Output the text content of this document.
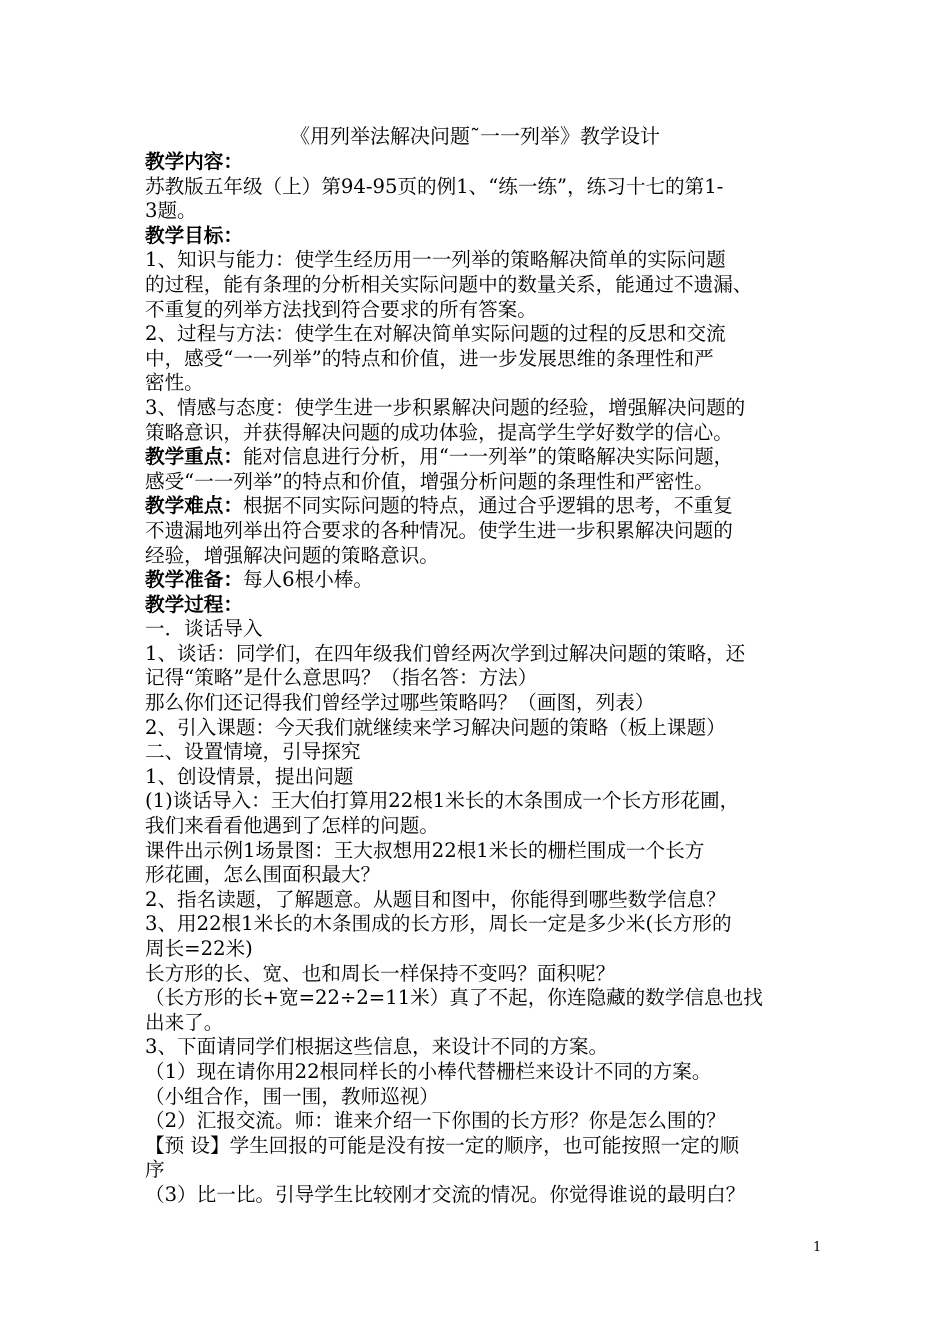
《用列举法解决问题˜一一列举》教学设计

教学内容：

苏教版五年级（上）第94-95页的例1、“练一练”，练习十七的第1-

3题。

教学目标：

1、知识与能力：使学生经历用一一列举的策略解决简单的实际问题

的过程，能有条理的分析相关实际问题中的数量关系，能通过不遗漏、

不重复的列举方法找到符合要求的所有答案。

2、过程与方法：使学生在对解决简单实际问题的过程的反思和交流

中，感受“一一列举”的特点和价值，进一步发展思维的条理性和严

密性。

3、情感与态度：使学生进一步积累解决问题的经验，增强解决问题的

策略意识，并获得解决问题的成功体验，提高学生学好数学的信心。

教学重点：能对信息进行分析，用“一一列举”的策略解决实际问题，

感受“一一列举”的特点和价值，增强分析问题的条理性和严密性。

教学难点：根据不同实际问题的特点，通过合乎逻辑的思考，不重复

不遗漏地列举出符合要求的各种情况。使学生进一步积累解决问题的

经验，增强解决问题的策略意识。

教学准备：每人6根小棒。

教学过程：

一．谈话导入

1、谈话：同学们，在四年级我们曾经两次学到过解决问题的策略，还

记得“策略”是什么意思吗？（指名答：方法）

那么你们还记得我们曾经学过哪些策略吗？（画图，列表）

2、引入课题：今天我们就继续来学习解决问题的策略（板上课题）

二、设置情境，引导探究

1、创设情景，提出问题

(1)谈话导入：王大伯打算用22根1米长的木条围成一个长方形花圃，

我们来看看他遇到了怎样的问题。

课件出示例1场景图：王大叔想用22根1米长的栅栏围成一个长方

形花圃，怎么围面积最大？

2、指名读题，了解题意。从题目和图中，你能得到哪些数学信息？

3、用22根1米长的木条围成的长方形，周长一定是多少米(长方形的

周长=22米)

长方形的长、宽、也和周长一样保持不变吗？面积呢？

（长方形的长+宽=22÷2=11米）真了不起，你连隐藏的数学信息也找

出来了。

3、下面请同学们根据这些信息，来设计不同的方案。

（1）现在请你用22根同样长的小棒代替栅栏来设计不同的方案。

（小组合作，围一围，教师巡视）

（2）汇报交流。师：谁来介绍一下你围的长方形？你是怎么围的？

【预 设】学生回报的可能是没有按一定的顺序，也可能按照一定的顺

序

（3）比一比。引导学生比较刚才交流的情况。你觉得谁说的最明白？

1
